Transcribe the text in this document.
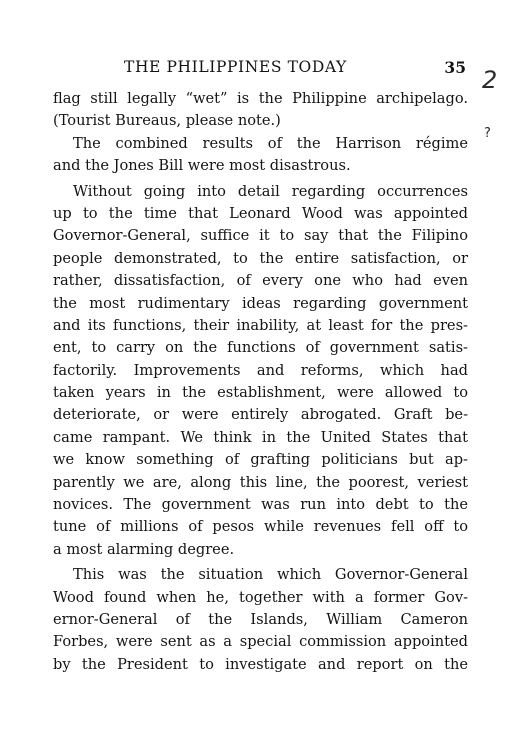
THE PHILIPPINES TODAY	35 2
?
flag still legally “wet” is the Philippine archipelago.
(Tourist Bureaus, please note.)
The combined results of the Harrison régime
and the Jones Bill were most disastrous.
Without going into detail regarding occurrences
up to the time that Leonard Wood was appointed
Governor-General, suffice it to say that the Filipino
people demonstrated, to the entire satisfaction, or
rather, dissatisfaction, of every one who had even
the most rudimentary ideas regarding government
and its functions, their inability, at least for the pres-
ent, to carry on the functions of government satis-
factorily. Improvements and reforms, which had
taken years in the establishment, were allowed to
deteriorate, or were entirely abrogated. Graft be-
came rampant. We think in the United States that
we know something of grafting politicians but ap-
parently we are, along this line, the poorest, veriest
novices. The government was run into debt to the
tune of millions of pesos while revenues fell off to
a most alarming degree.
This was the situation which Governor-General
Wood found when he, together with a former Gov-
ernor-General of the Islands, William Cameron
Forbes, were sent as a special commission appointed
by the President to investigate and report on the
